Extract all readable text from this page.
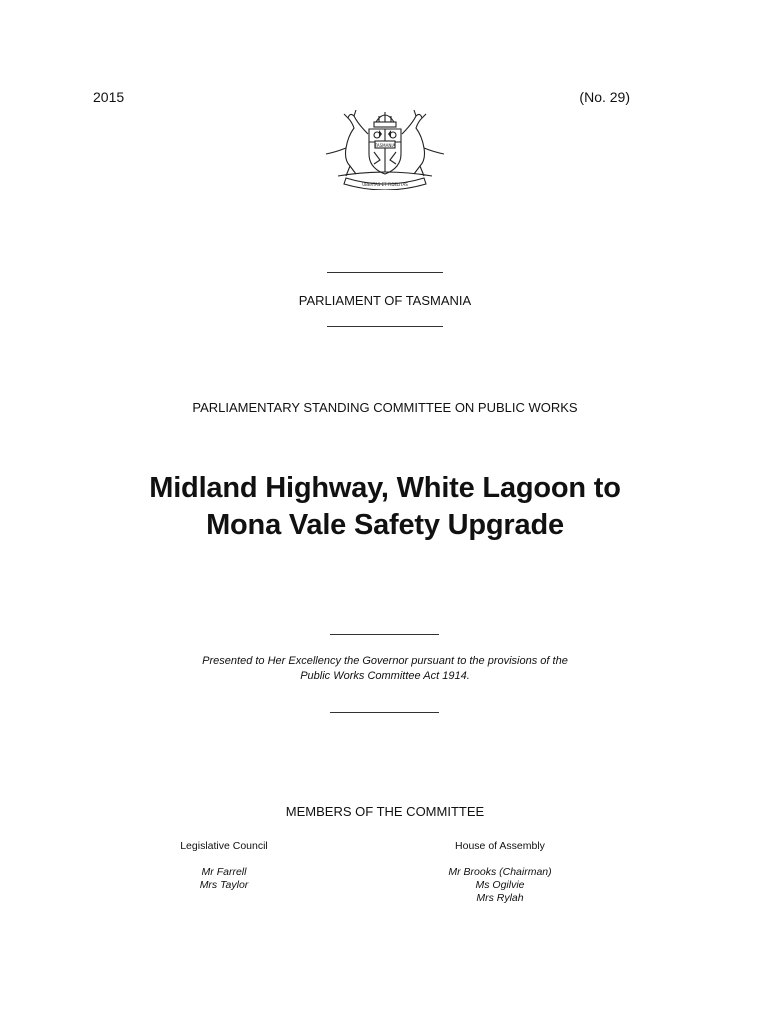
2015	(No. 29)
TASMANIA
UBERTAS ET FIDELITAS
PARLIAMENT OF TASMANIA
PARLIAMENTARY STANDING COMMITTEE ON PUBLIC WORKS
Midland Highway, White Lagoon to
Mona Vale Safety Upgrade
Presented to Her Excellency the Governor pursuant to the provisions of the
Public Works Committee Act 1914.
MEMBERS OF THE COMMITTEE
Legislative Council
Mr Farrell
Mrs Taylor
House of Assembly
Mr Brooks (Chairman)
Ms Ogilvie
Mrs Rylah
